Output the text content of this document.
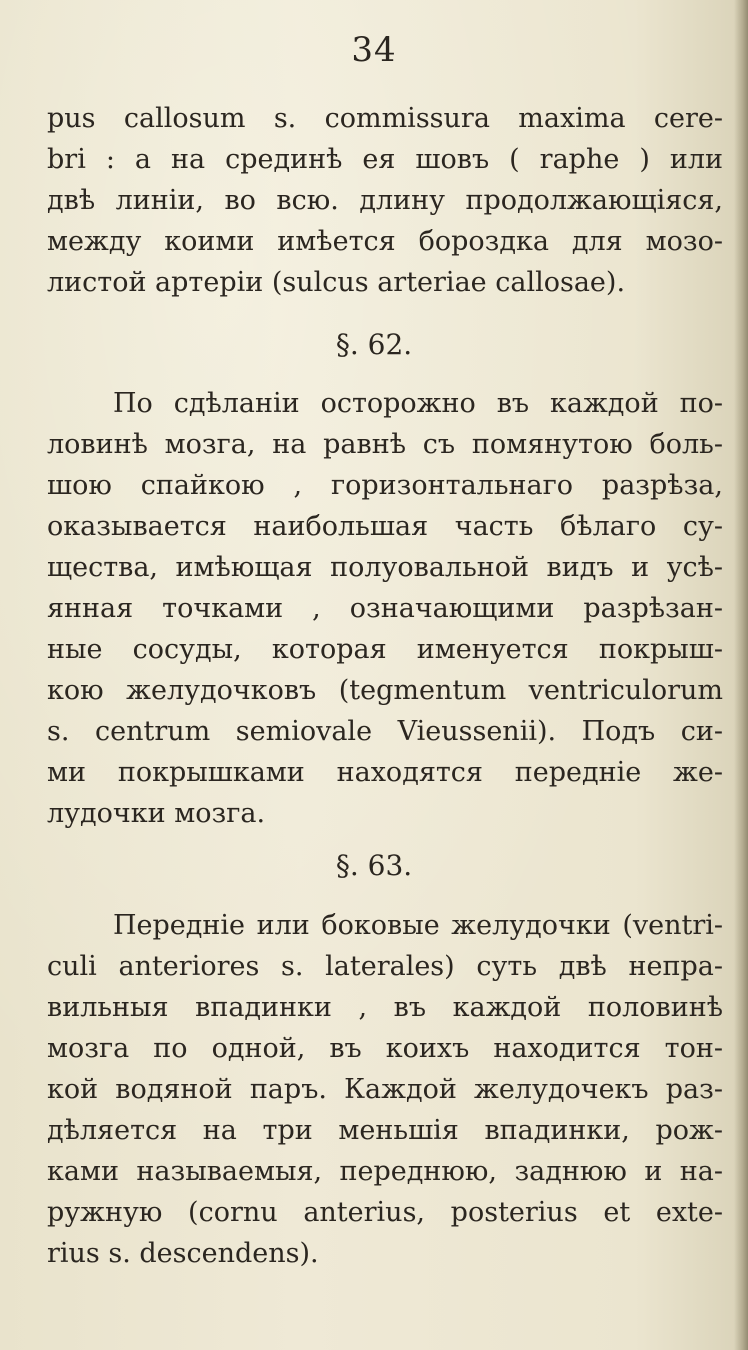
34
pus callosum s. commissura maxima cere-
bri : а на срединѣ ея шовъ ( raphe ) или
двѣ линіи, во всю. длину продолжающіяся,
между коими имѣется бороздка для мозо-
листой артеріи (sulcus arteriae callosae).
§. 62.
По сдѣланіи осторожно въ каждой по-
ловинѣ мозга, на равнѣ съ помянутою боль-
шою спайкою , горизонтальнаго разрѣза,
оказывается наибольшая часть бѣлаго су-
щества, имѣющая полуовальной видъ и усѣ-
янная точками , означающими разрѣзан-
ные сосуды, которая именуется покрыш-
кою желудочковъ (tegmentum ventriculorum
s. centrum semiovale Vieussenii). Подъ си-
ми покрышками находятся передніе же-
лудочки мозга.
§. 63.
Передніе или боковые желудочки (ventri-
culi anteriores s. laterales) суть двѣ непра-
вильныя впадинки , въ каждой половинѣ
мозга по одной, въ коихъ находится тон-
кой водяной паръ. Каждой желудочекъ раз-
дѣляется на три меньшія впадинки, рож-
ками называемыя, переднюю, заднюю и на-
ружную (cornu anterius, posterius et exte-
rius s. descendens).
